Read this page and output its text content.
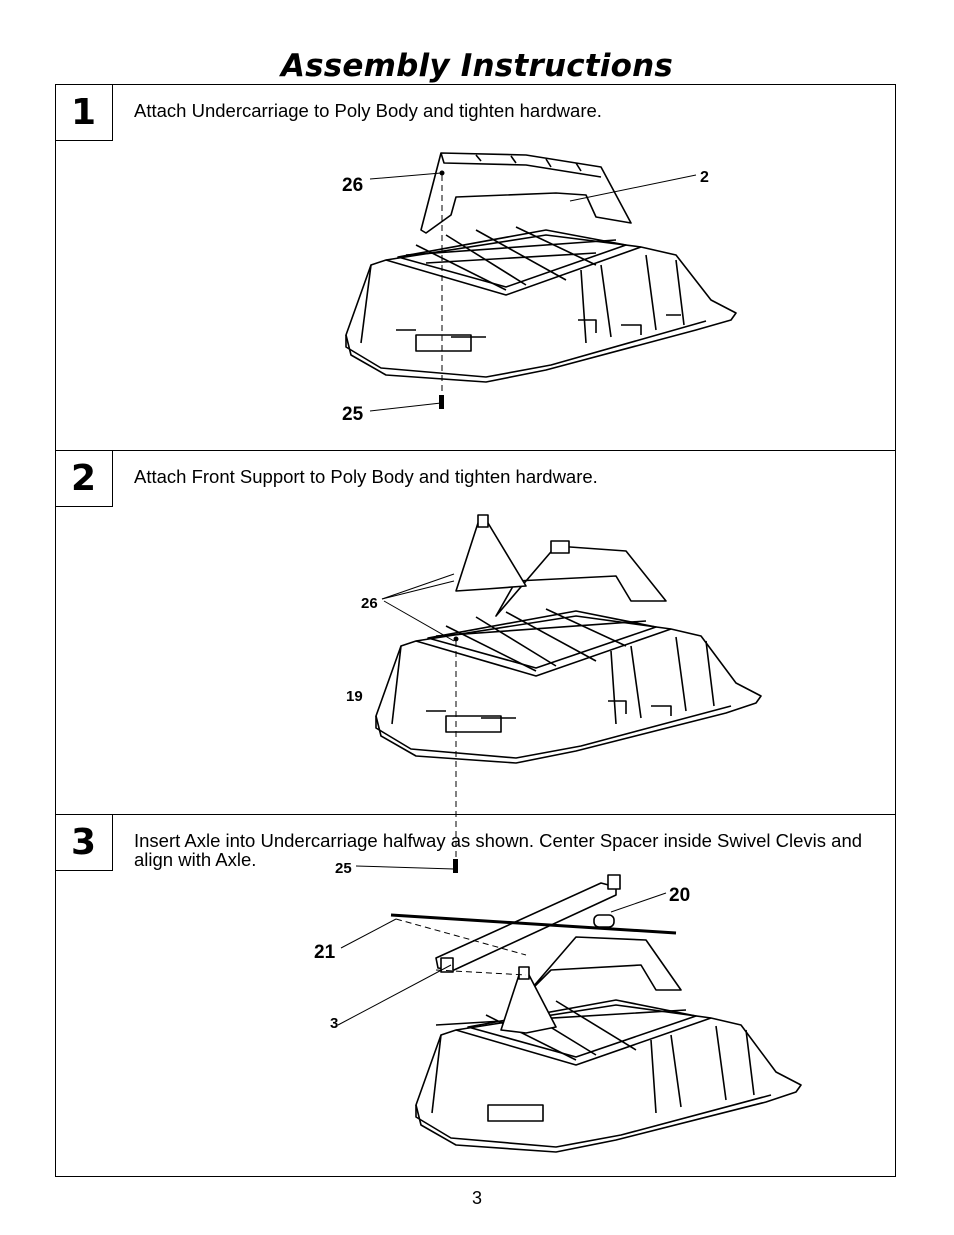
Assembly Instructions
1	Attach Undercarriage to Poly Body and tighten hardware.
26	2
25
2	Attach Front Support to Poly Body and tighten hardware.
26
19
25
3	Insert Axle into Undercarriage halfway as shown. Center Spacer inside Swivel Clevis and align with Axle.
20
21
3
3
